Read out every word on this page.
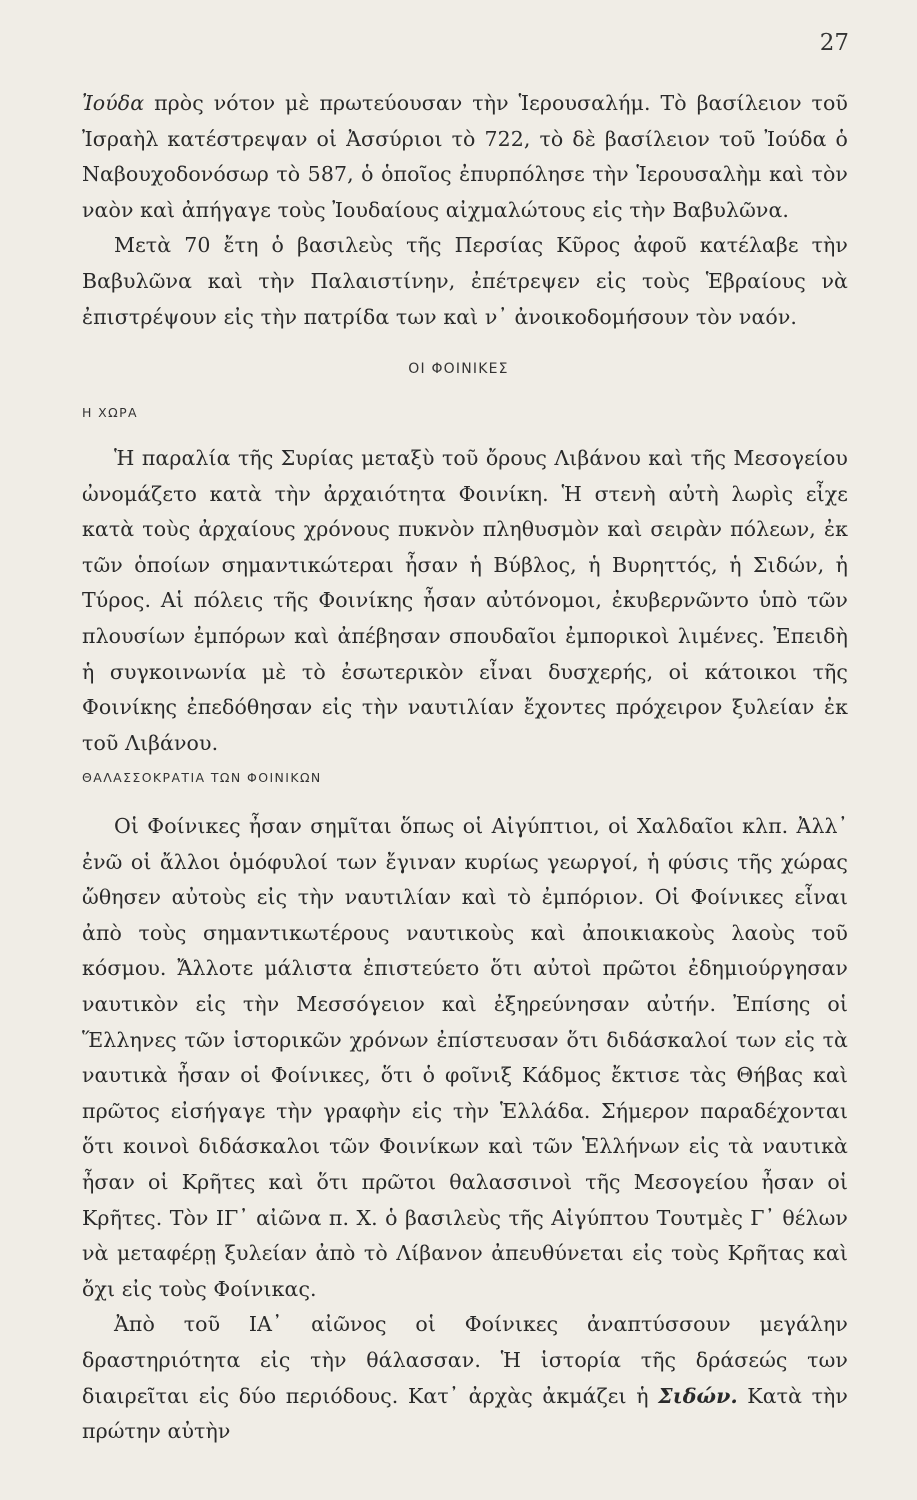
27

Ἰούδα πρὸς νότον μὲ πρωτεύουσαν τὴν Ἱερουσαλήμ. Τὸ βασίλειον τοῦ Ἰσραὴλ κατέστρεψαν οἱ Ἀσσύριοι τὸ 722, τὸ δὲ βασίλειον τοῦ Ἰούδα ὁ Ναβουχοδονόσωρ τὸ 587, ὁ ὁποῖος ἐπυρπόλησε τὴν Ἱερουσαλὴμ καὶ τὸν ναὸν καὶ ἀπήγαγε τοὺς Ἰουδαίους αἰχμαλώτους εἰς τὴν Βαβυλῶνα.

Μετὰ 70 ἔτη ὁ βασιλεὺς τῆς Περσίας Κῦρος ἀφοῦ κατέλαβε τὴν Βαβυλῶνα καὶ τὴν Παλαιστίνην, ἐπέτρεψεν εἰς τοὺς Ἑβραίους νὰ ἐπιστρέψουν εἰς τὴν πατρίδα των καὶ ν᾽ ἀνοικοδομήσουν τὸν ναόν.

ΟΙ ΦΟΙΝΙΚΕΣ
Η ΧΩΡΑ

Ἡ παραλία τῆς Συρίας μεταξὺ τοῦ ὄρους Λιβάνου καὶ τῆς Μεσογείου ὠνομάζετο κατὰ τὴν ἀρχαιότητα Φοινίκη. Ἡ στενὴ αὐτὴ λωρὶς εἶχε κατὰ τοὺς ἀρχαίους χρόνους πυκνὸν πληθυσμὸν καὶ σειρὰν πόλεων, ἐκ τῶν ὁποίων σημαντικώτεραι ἦσαν ἡ Βύβλος, ἡ Βυρηττός, ἡ Σιδών, ἡ Τύρος. Αἱ πόλεις τῆς Φοινίκης ἦσαν αὐτόνομοι, ἐκυβερνῶντο ὑπὸ τῶν πλουσίων ἐμπόρων καὶ ἀπέβησαν σπουδαῖοι ἐμπορικοὶ λιμένες. Ἐπειδὴ ἡ συγκοινωνία μὲ τὸ ἐσωτερικὸν εἶναι δυσχερής, οἱ κάτοικοι τῆς Φοινίκης ἐπεδόθησαν εἰς τὴν ναυτιλίαν ἔχοντες πρόχειρον ξυλείαν ἐκ τοῦ Λιβάνου.

ΘΑΛΑΣΣΟΚΡΑΤΙΑ ΤΩΝ ΦΟΙΝΙΚΩΝ

Οἱ Φοίνικες ἦσαν σημῖται ὅπως οἱ Αἰγύπτιοι, οἱ Χαλδαῖοι κλπ. Ἀλλ᾽ ἐνῶ οἱ ἄλλοι ὁμόφυλοί των ἔγιναν κυρίως γεωργοί, ἡ φύσις τῆς χώρας ὤθησεν αὐτοὺς εἰς τὴν ναυτιλίαν καὶ τὸ ἐμπόριον. Οἱ Φοίνικες εἶναι ἀπὸ τοὺς σημαντικωτέρους ναυτικοὺς καὶ ἀποικιακοὺς λαοὺς τοῦ κόσμου. Ἄλλοτε μάλιστα ἐπιστεύετο ὅτι αὐτοὶ πρῶτοι ἐδημιούργησαν ναυτικὸν εἰς τὴν Μεσσόγειον καὶ ἐξηρεύνησαν αὐτήν. Ἐπίσης οἱ Ἕλληνες τῶν ἱστορικῶν χρόνων ἐπίστευσαν ὅτι διδάσκαλοί των εἰς τὰ ναυτικὰ ἦσαν οἱ Φοίνικες, ὅτι ὁ φοῖνιξ Κάδμος ἔκτισε τὰς Θήβας καὶ πρῶτος εἰσήγαγε τὴν γραφὴν εἰς τὴν Ἑλλάδα. Σήμερον παραδέχονται ὅτι κοινοὶ διδάσκαλοι τῶν Φοινίκων καὶ τῶν Ἑλλήνων εἰς τὰ ναυτικὰ ἦσαν οἱ Κρῆτες καὶ ὅτι πρῶτοι θαλασσινοὶ τῆς Μεσογείου ἦσαν οἱ Κρῆτες. Τὸν ΙΓ᾽ αἰῶνα π. Χ. ὁ βασιλεὺς τῆς Αἰγύπτου Τουτμὲς Γ᾽ θέλων νὰ μεταφέρῃ ξυλείαν ἀπὸ τὸ Λίβανον ἀπευθύνεται εἰς τοὺς Κρῆτας καὶ ὄχι εἰς τοὺς Φοίνικας.

Ἀπὸ τοῦ ΙΑ᾽ αἰῶνος οἱ Φοίνικες ἀναπτύσσουν μεγάλην δραστηριότητα εἰς τὴν θάλασσαν. Ἡ ἱστορία τῆς δράσεώς των διαιρεῖται εἰς δύο περιόδους. Κατ᾽ ἀρχὰς ἀκμάζει ἡ Σιδών. Κατὰ τὴν πρώτην αὐτὴν
